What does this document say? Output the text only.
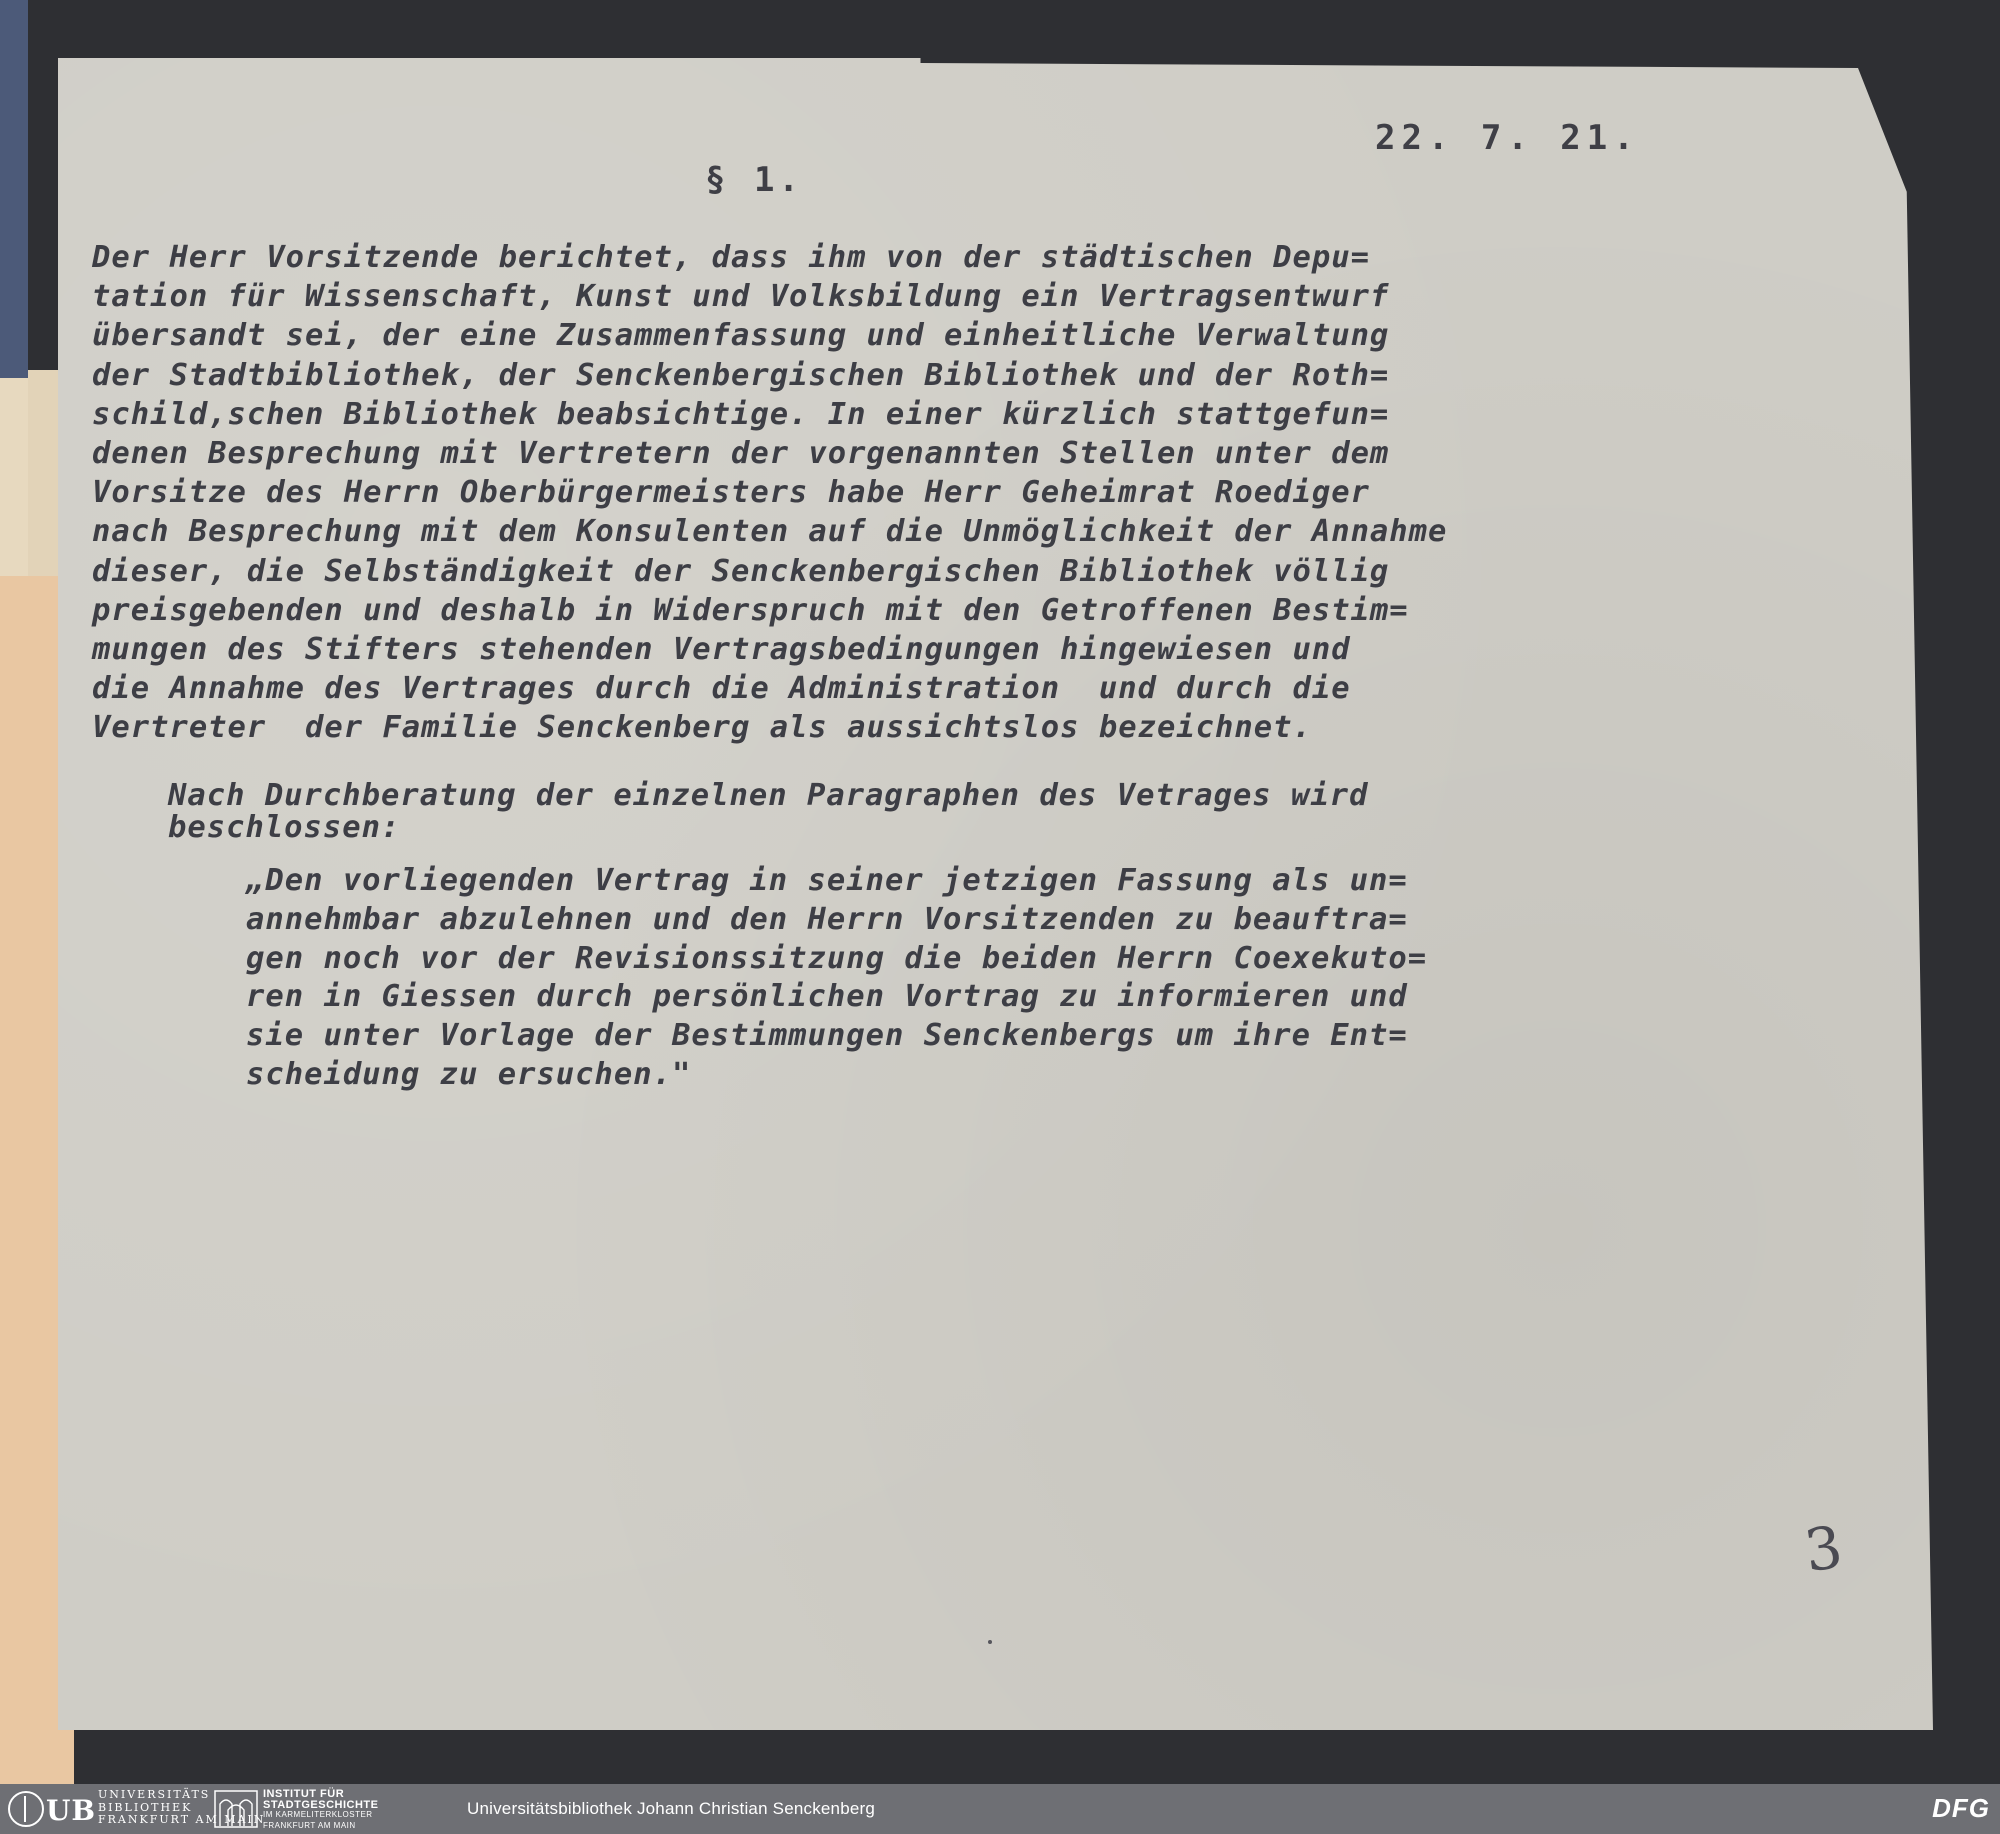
22. 7. 21.
§ 1.
Der Herr Vorsitzende berichtet, dass ihm von der städtischen Depu=
tation für Wissenschaft, Kunst und Volksbildung ein Vertragsentwurf
übersandt sei, der eine Zusammenfassung und einheitliche Verwaltung
der Stadtbibliothek, der Senckenbergischen Bibliothek und der Roth=
schild,schen Bibliothek beabsichtige. In einer kürzlich stattgefun=
denen Besprechung mit Vertretern der vorgenannten Stellen unter dem
Vorsitze des Herrn Oberbürgermeisters habe Herr Geheimrat Roediger
nach Besprechung mit dem Konsulenten auf die Unmöglichkeit der Annahme
dieser, die Selbständigkeit der Senckenbergischen Bibliothek völlig
preisgebenden und deshalb in Widerspruch mit den Getroffenen Bestim=
mungen des Stifters stehenden Vertragsbedingungen hingewiesen und
die Annahme des Vertrages durch die Administration  und durch die
Vertreter  der Familie Senckenberg als aussichtslos bezeichnet.
Nach Durchberatung der einzelnen Paragraphen des Vetrages wird
beschlossen:
„Den vorliegenden Vertrag in seiner jetzigen Fassung als un=
annehmbar abzulehnen und den Herrn Vorsitzenden zu beauftra=
gen noch vor der Revisionssitzung die beiden Herrn Coexekuto=
ren in Giessen durch persönlichen Vortrag zu informieren und
sie unter Vorlage der Bestimmungen Senckenbergs um ihre Ent=
scheidung zu ersuchen."
3
UB UNIVERSITÄTS
BIBLIOTHEK
FRANKFURT AM MAIN
INSTITUT FÜR
STADTGESCHICHTE
IM KARMELITERKLOSTER
FRANKFURT AM MAIN
Universitätsbibliothek Johann Christian Senckenberg	DFG
